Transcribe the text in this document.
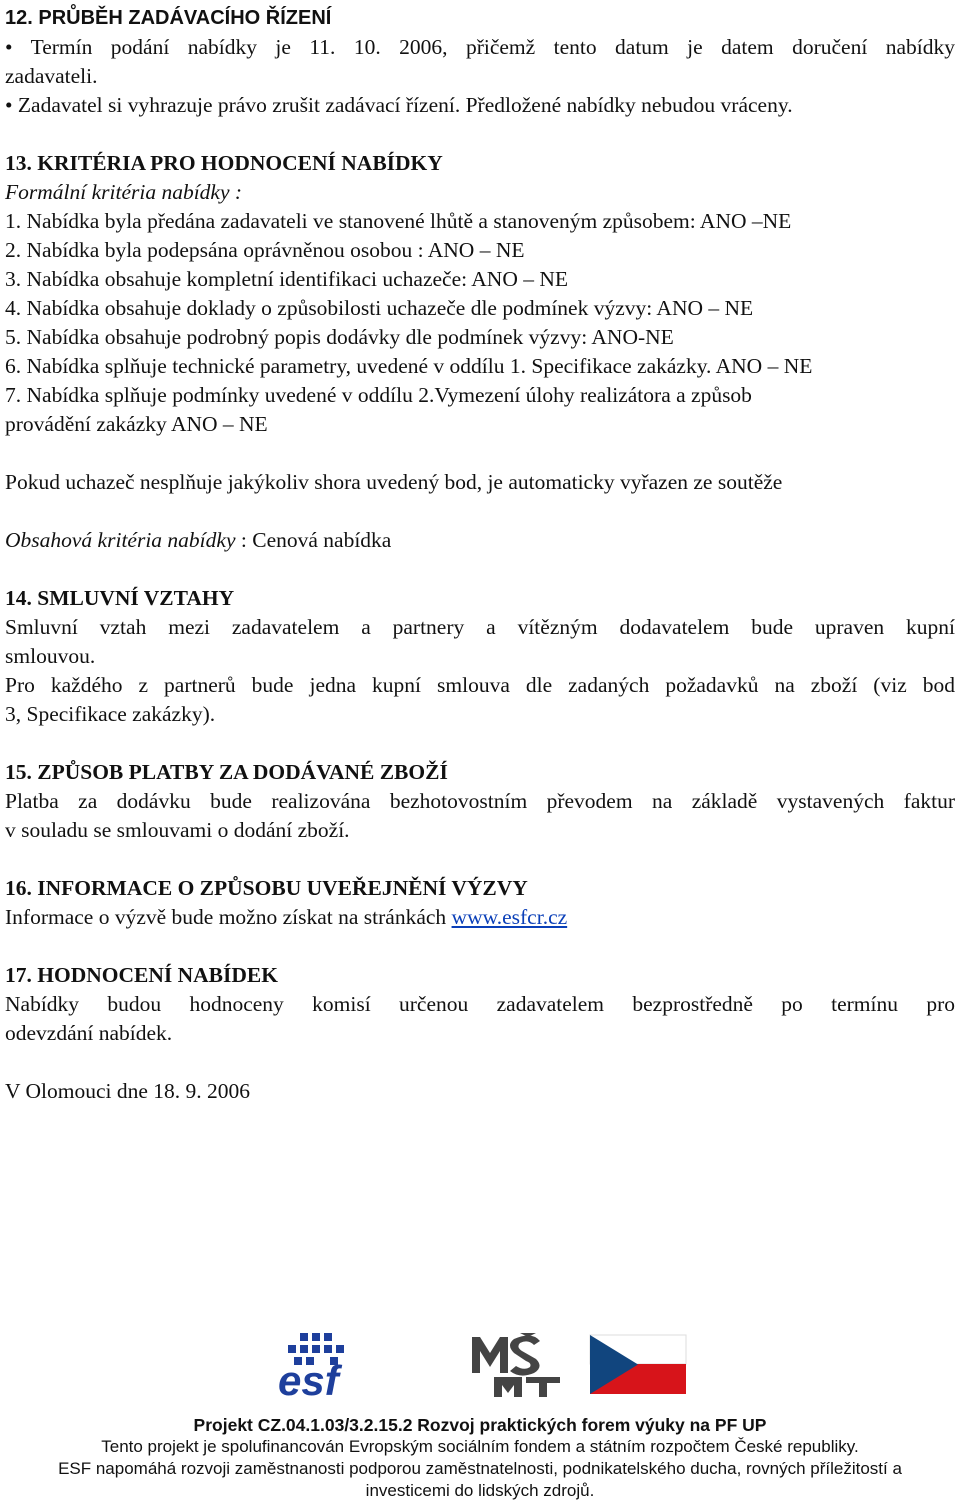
12. PRŮBĚH ZADÁVACÍHO ŘÍZENÍ
• Termín podání nabídky je 11. 10. 2006, přičemž tento datum je datem doručení nabídky
zadavateli.
• Zadavatel si vyhrazuje právo zrušit zadávací řízení. Předložené nabídky nebudou vráceny.
13. KRITÉRIA PRO HODNOCENÍ NABÍDKY
Formální kritéria nabídky :
1. Nabídka byla předána zadavateli ve stanovené lhůtě a stanoveným způsobem: ANO –NE
2. Nabídka byla podepsána oprávněnou osobou : ANO – NE
3. Nabídka obsahuje kompletní identifikaci uchazeče: ANO – NE
4. Nabídka obsahuje doklady o způsobilosti uchazeče dle podmínek výzvy: ANO – NE
5. Nabídka obsahuje podrobný popis dodávky dle podmínek výzvy: ANO-NE
6. Nabídka splňuje technické parametry, uvedené v oddílu 1. Specifikace zakázky. ANO – NE
7. Nabídka splňuje podmínky uvedené v oddílu 2.Vymezení úlohy realizátora a způsob
provádění zakázky ANO – NE
Pokud uchazeč nesplňuje jakýkoliv shora uvedený bod, je automaticky vyřazen ze soutěže
Obsahová kritéria nabídky : Cenová nabídka
14. SMLUVNÍ VZTAHY
Smluvní vztah mezi zadavatelem a partnery a vítězným dodavatelem bude upraven kupní
smlouvou.
Pro každého z partnerů bude jedna kupní smlouva dle zadaných požadavků na zboží (viz bod
3, Specifikace zakázky).
15. ZPŮSOB PLATBY ZA DODÁVANÉ ZBOŽÍ
Platba za dodávku bude realizována bezhotovostním převodem na základě vystavených faktur
v souladu se smlouvami o dodání zboží.
16. INFORMACE O ZPŮSOBU UVEŘEJNĚNÍ VÝZVY
Informace o výzvě bude možno získat na stránkách www.esfcr.cz
17. HODNOCENÍ NABÍDEK
Nabídky budou hodnoceny komisí určenou zadavatelem bezprostředně po termínu pro
odevzdání nabídek.
V Olomouci dne 18. 9. 2006
esf
Projekt CZ.04.1.03/3.2.15.2 Rozvoj praktických forem výuky na PF UP
Tento projekt je spolufinancován Evropským sociálním fondem a státním rozpočtem České republiky.
ESF napomáhá rozvoji zaměstnanosti podporou zaměstnatelnosti, podnikatelského ducha, rovných příležitostí a
investicemi do lidských zdrojů.
